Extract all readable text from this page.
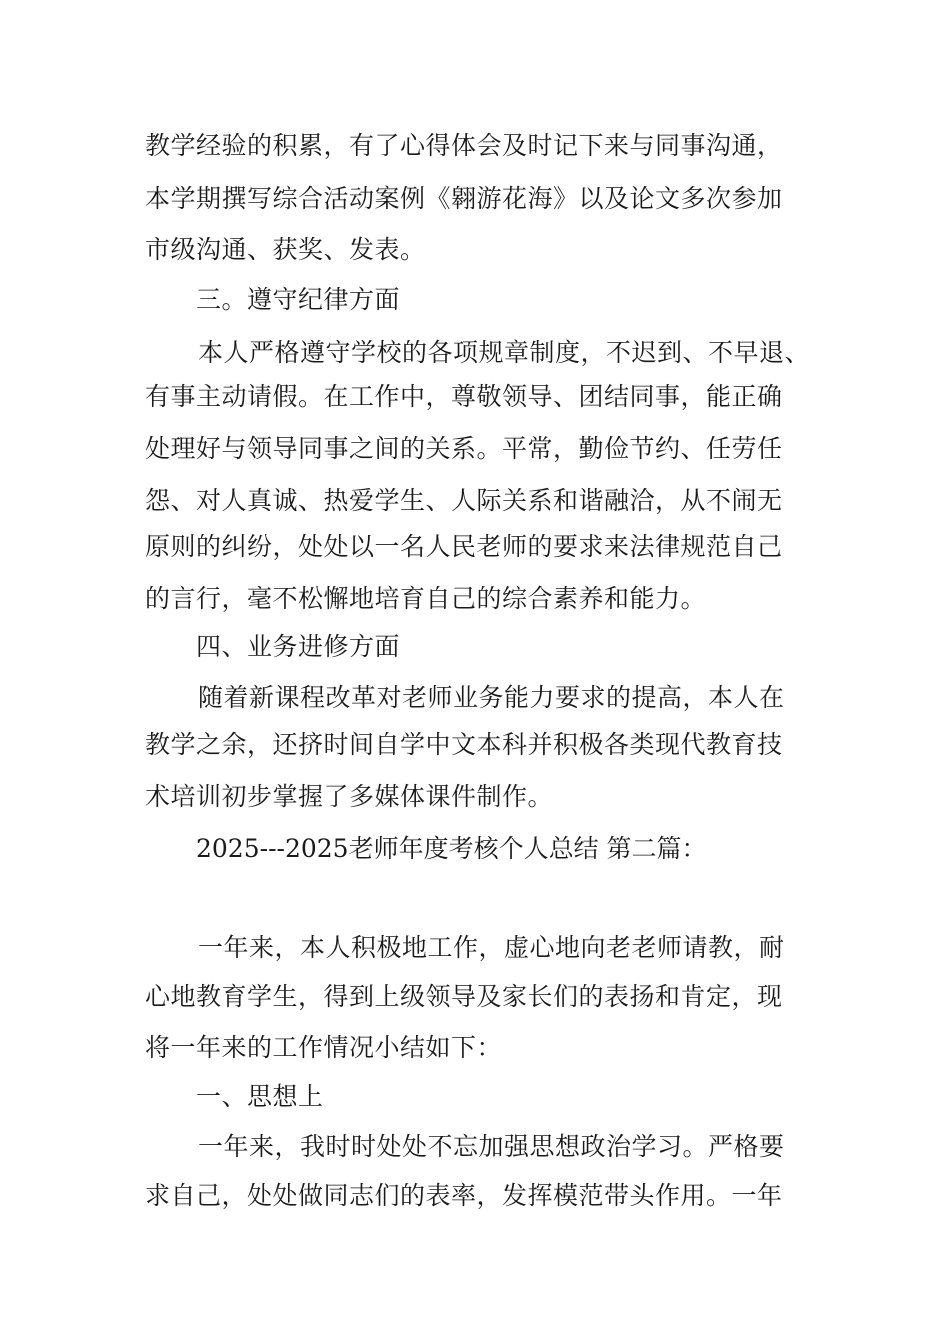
教学经验的积累，有了心得体会及时记下来与同事沟通，

本学期撰写综合活动案例《翱游花海》以及论文多次参加

市级沟通、获奖、发表。

三。遵守纪律方面

本人严格遵守学校的各项规章制度，不迟到、不早退、

有事主动请假。在工作中，尊敬领导、团结同事，能正确

处理好与领导同事之间的关系。平常，勤俭节约、任劳任

怨、对人真诚、热爱学生、人际关系和谐融洽，从不闹无

原则的纠纷，处处以一名人民老师的要求来法律规范自己

的言行，毫不松懈地培育自己的综合素养和能力。

四、业务进修方面

随着新课程改革对老师业务能力要求的提高，本人在

教学之余，还挤时间自学中文本科并积极各类现代教育技

术培训初步掌握了多媒体课件制作。

2025---2025老师年度考核个人总结 第二篇：

一年来，本人积极地工作，虚心地向老老师请教，耐

心地教育学生，得到上级领导及家长们的表扬和肯定，现

将一年来的工作情况小结如下：

一、思想上

一年来，我时时处处不忘加强思想政治学习。严格要

求自己，处处做同志们的表率，发挥模范带头作用。一年
